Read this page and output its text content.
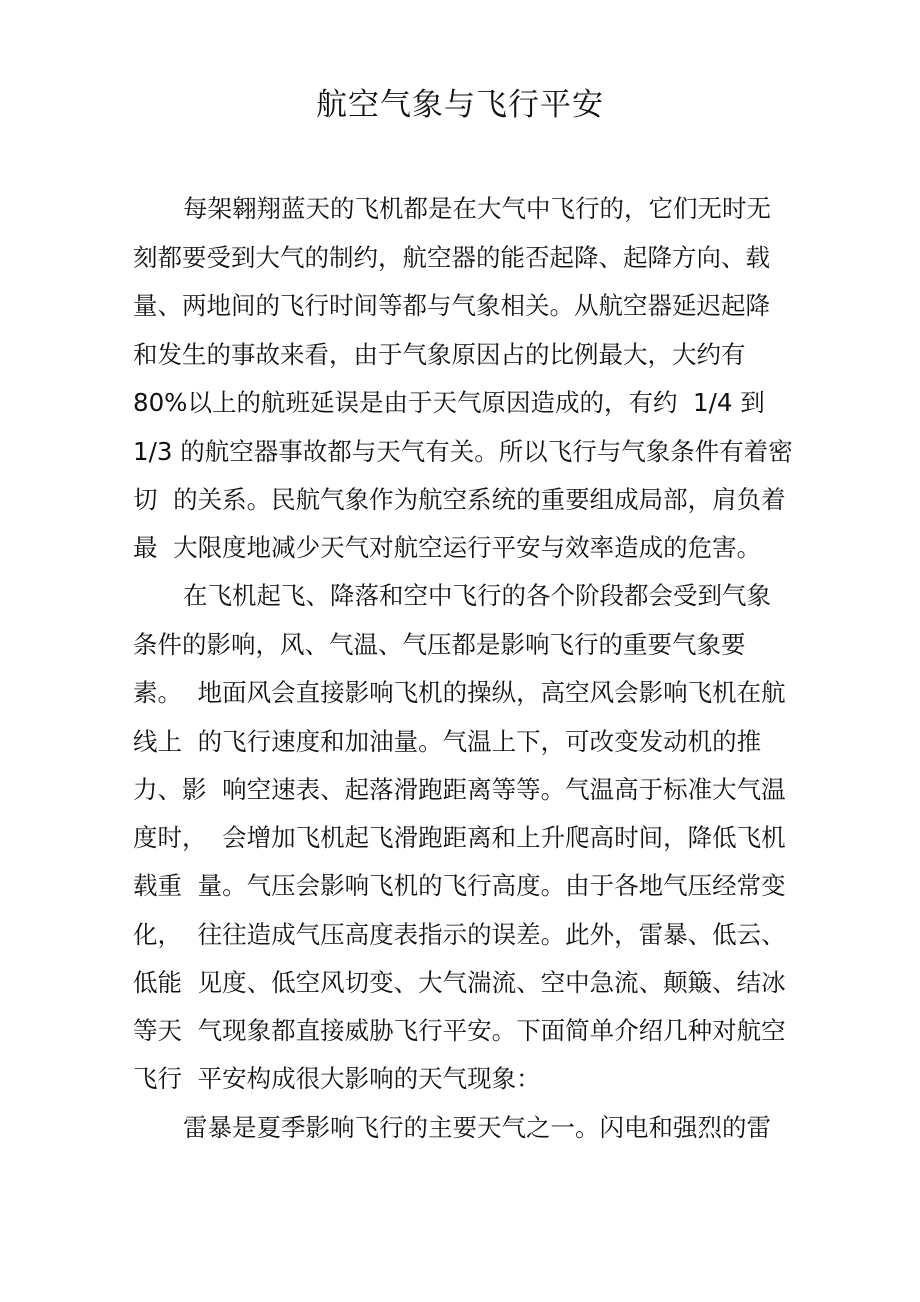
航空气象与飞行平安

每架翱翔蓝天的飞机都是在大气中飞行的，它们无时无

刻都要受到大气的制约，航空器的能否起降、起降方向、载

量、两地间的飞行时间等都与气象相关。从航空器延迟起降

和发生的事故来看，由于气象原因占的比例最大，大约有

80%以上的航班延误是由于天气原因造成的，有约  1/4 到

1/3 的航空器事故都与天气有关。所以飞行与气象条件有着密

切  的关系。民航气象作为航空系统的重要组成局部，肩负着

最  大限度地减少天气对航空运行平安与效率造成的危害。

在飞机起飞、降落和空中飞行的各个阶段都会受到气象

条件的影响，风、气温、气压都是影响飞行的重要气象要

素。  地面风会直接影响飞机的操纵，高空风会影响飞机在航

线上  的飞行速度和加油量。气温上下，可改变发动机的推

力、影  响空速表、起落滑跑距离等等。气温高于标准大气温

度时，  会增加飞机起飞滑跑距离和上升爬高时间，降低飞机

载重  量。气压会影响飞机的飞行高度。由于各地气压经常变

化，  往往造成气压高度表指示的误差。此外，雷暴、低云、

低能  见度、低空风切变、大气湍流、空中急流、颠簸、结冰

等天  气现象都直接威胁飞行平安。下面简单介绍几种对航空

飞行  平安构成很大影响的天气现象：

雷暴是夏季影响飞行的主要天气之一。闪电和强烈的雷
